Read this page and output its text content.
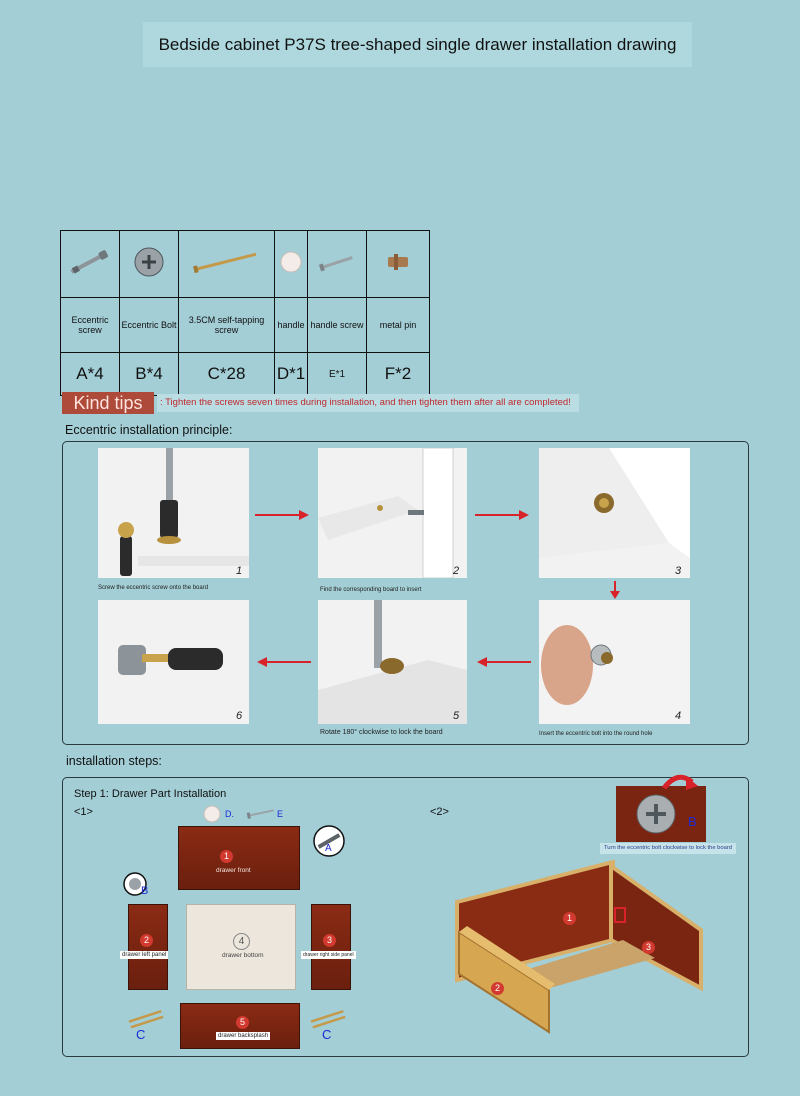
Bedside cabinet P37S tree-shaped single drawer installation drawing

Eccentric screw	Eccentric Bolt	3.5CM self-tapping screw	handle	handle screw	metal pin
A*4	B*4	C*28	D*1	E*1	F*2
Kind tips	: Tighten the screws seven times during installation, and then tighten them after all are completed!
Eccentric installation principle:
1
Screw the eccentric screw onto the board
2
Find the corresponding board to insert
3
4
Insert the eccentric bolt into the round hole
5
Rotate 180° clockwise to lock the board
6
installation steps:
Step 1: Drawer Part Installation
<1>	<2>
D.	E
1
drawer front
A
B
2
drawer left panel
4
drawer bottom
3
drawer right side panel
C
5
drawer backsplash	C
B
Turn the eccentric bolt clockwise to lock the board
1
3
2
